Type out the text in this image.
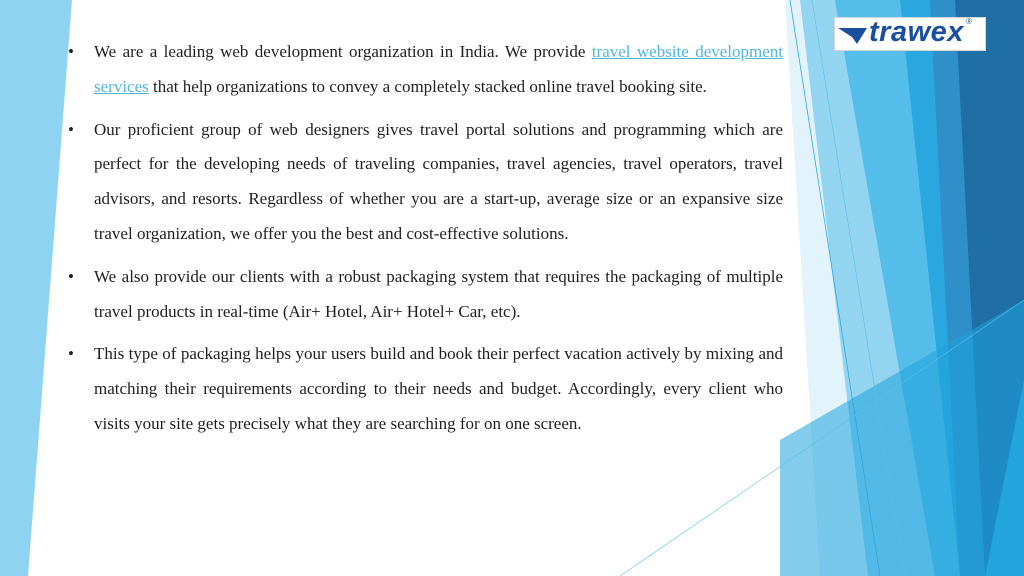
trawex ®

• We are a leading web development organization in India. We provide travel website development services that help organizations to convey a completely stacked online travel booking site.

• Our proficient group of web designers gives travel portal solutions and programming which are perfect for the developing needs of traveling companies, travel agencies, travel operators, travel advisors, and resorts. Regardless of whether you are a start-up, average size or an expansive size travel organization, we offer you the best and cost-effective solutions.

• We also provide our clients with a robust packaging system that requires the packaging of multiple travel products in real-time (Air+ Hotel, Air+ Hotel+ Car, etc).

• This type of packaging helps your users build and book their perfect vacation actively by mixing and matching their requirements according to their needs and budget. Accordingly, every client who visits your site gets precisely what they are searching for on one screen.
